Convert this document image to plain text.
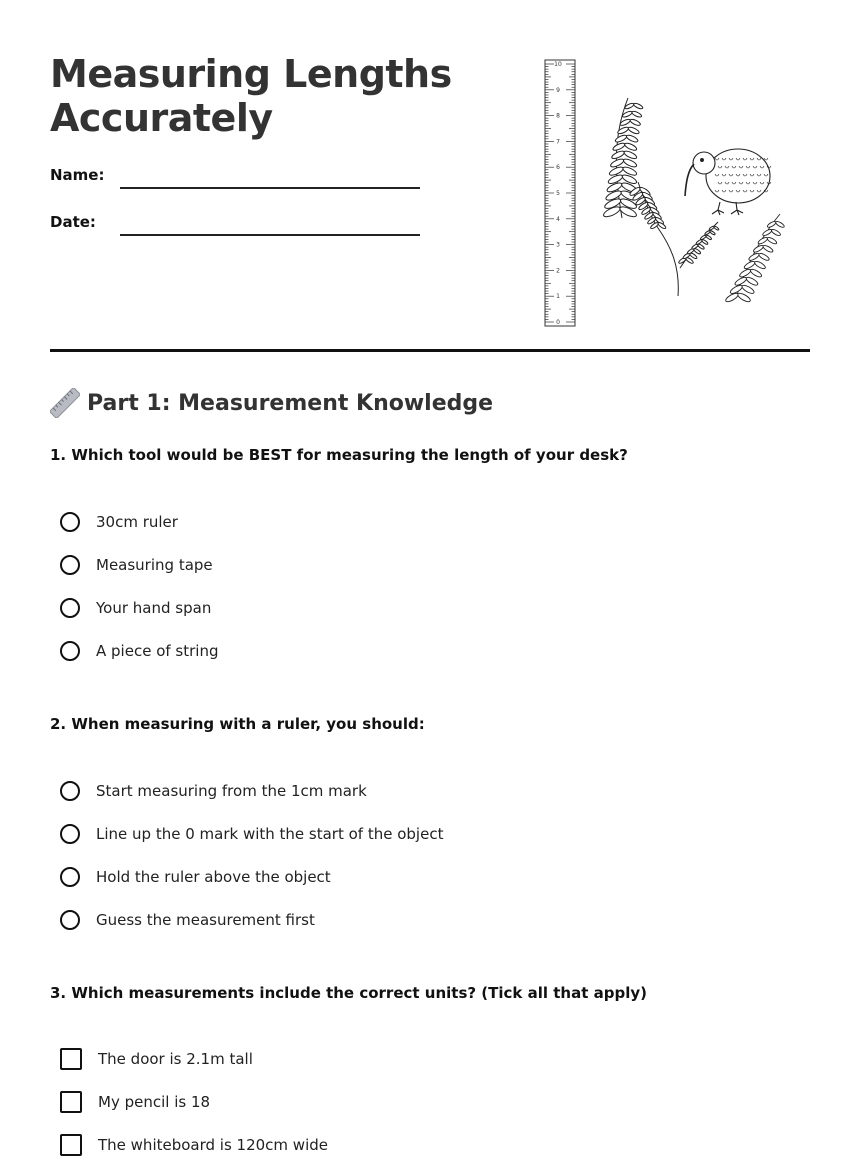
Measuring Lengths
Accurately
Name:
Date:
0
1
2
3
4
5
6
7
8
9
10
Part 1: Measurement Knowledge
1. Which tool would be BEST for measuring the length of your desk?
30cm ruler
Measuring tape
Your hand span
A piece of string
2. When measuring with a ruler, you should:
Start measuring from the 1cm mark
Line up the 0 mark with the start of the object
Hold the ruler above the object
Guess the measurement first
3. Which measurements include the correct units? (Tick all that apply)
The door is 2.1m tall
My pencil is 18
The whiteboard is 120cm wide
